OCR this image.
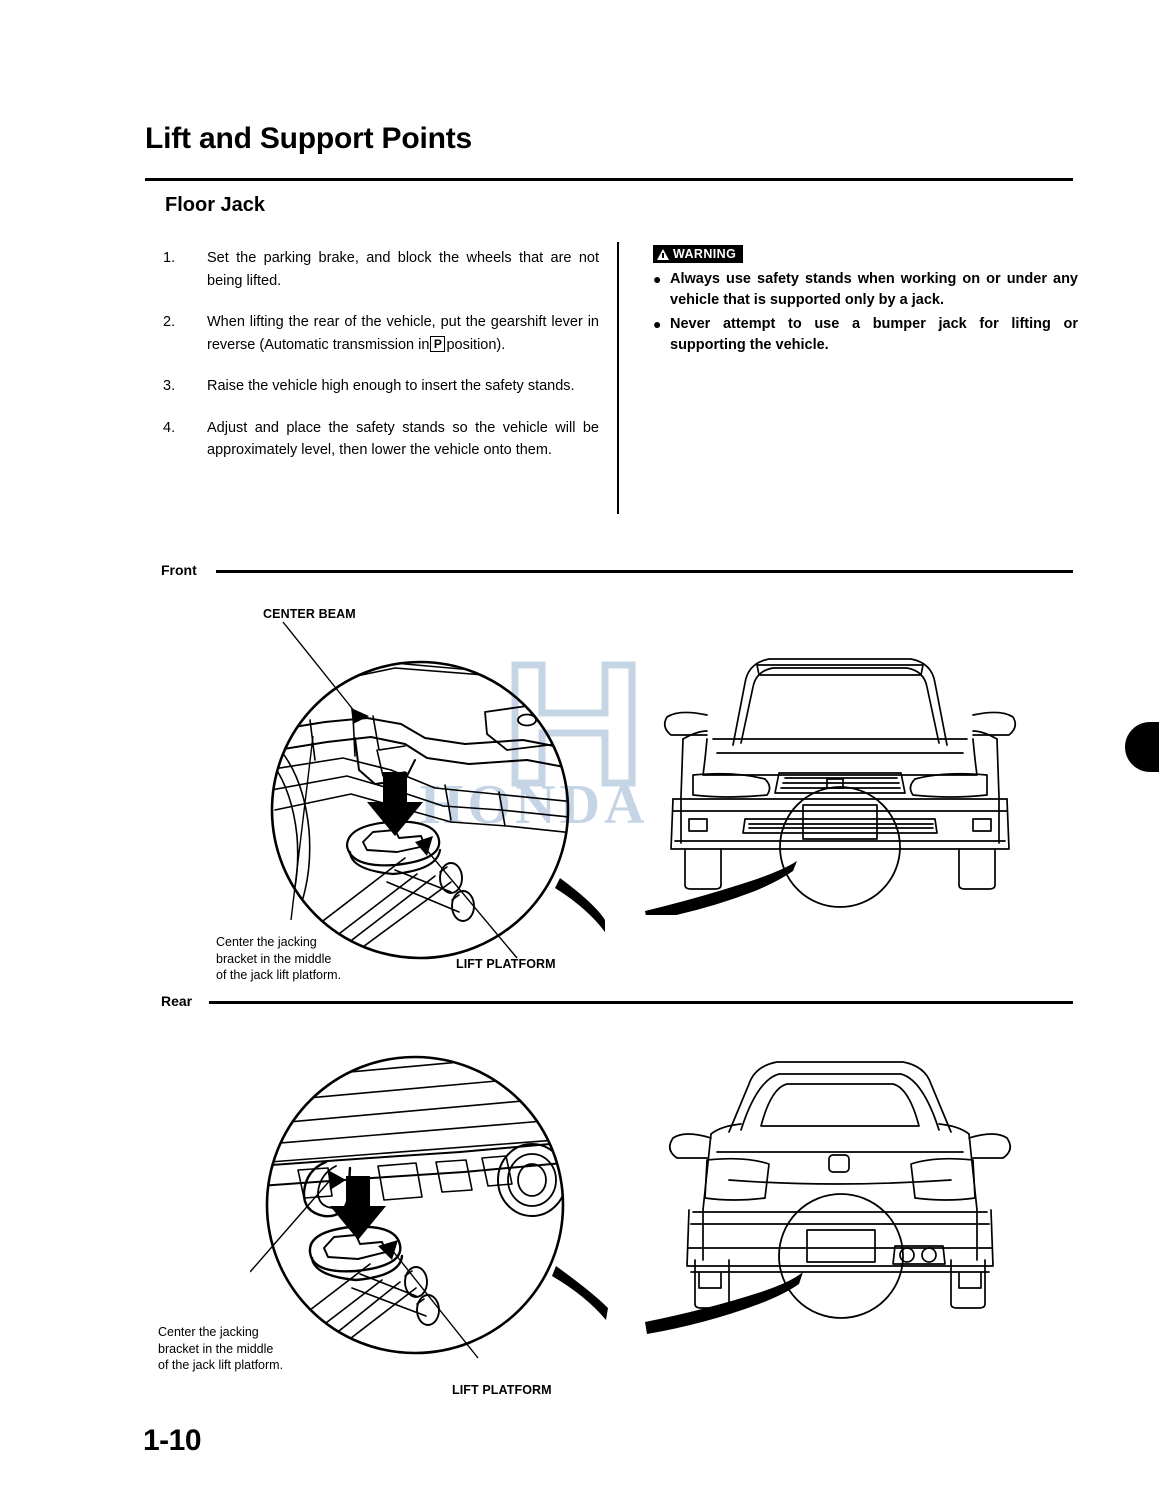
Lift and Support Points
Floor Jack
1.	Set the parking brake, and block the wheels that are not being lifted.
2.	When lifting the rear of the vehicle, put the gearshift lever in reverse (Automatic transmission in P position).
3.	Raise the vehicle high enough to insert the safety stands.
4.	Adjust and place the safety stands so the vehicle will be approximately level, then lower the vehicle onto them.
WARNING
● Always use safety stands when working on or under any vehicle that is supported only by a jack.
● Never attempt to use a bumper jack for lifting or supporting the vehicle.
Front
CENTER BEAM
HONDA
Center the jacking
bracket in the middle
of the jack lift platform.
LIFT PLATFORM
Rear
Center the jacking
bracket in the middle
of the jack lift platform.
LIFT PLATFORM
1-10
